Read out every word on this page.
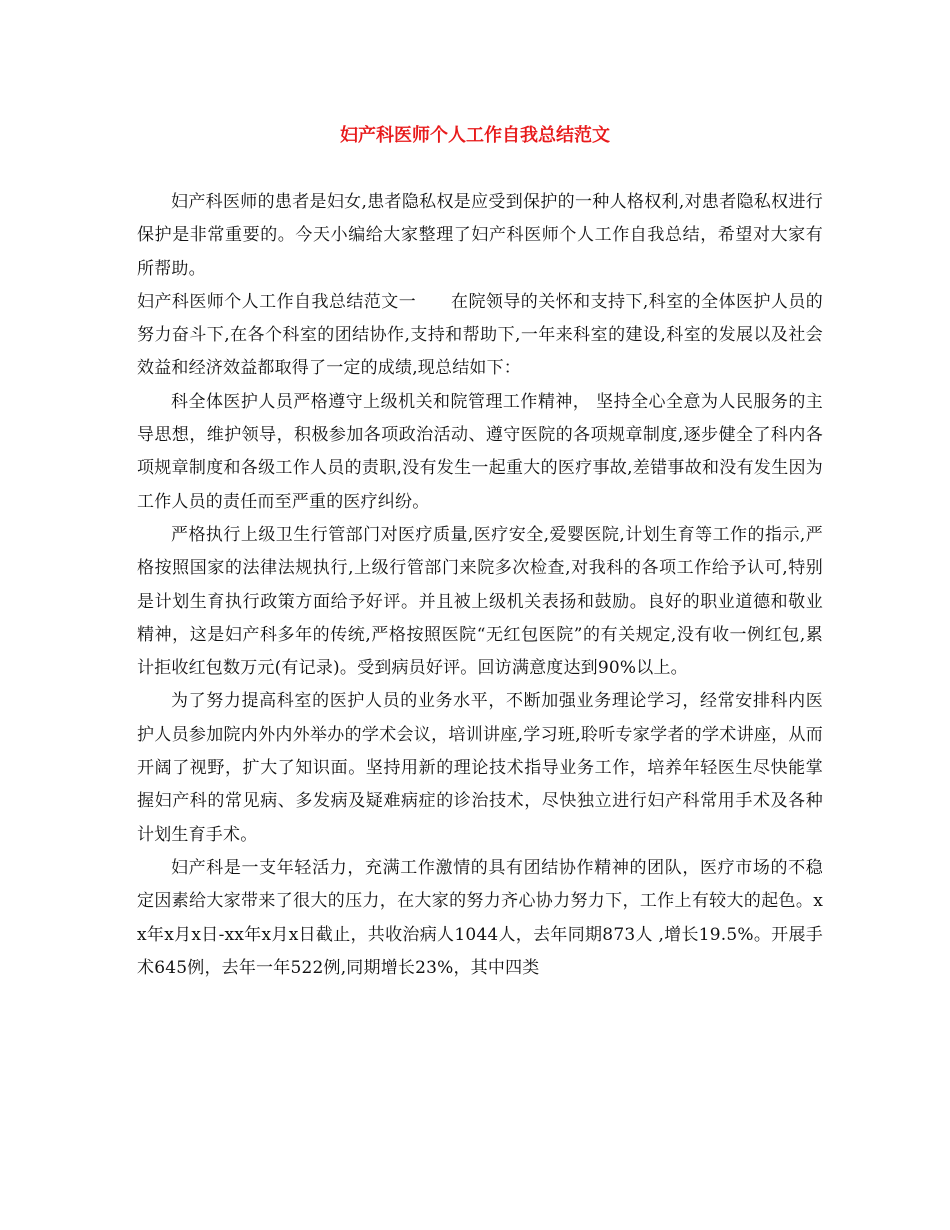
妇产科医师个人工作自我总结范文

妇产科医师的患者是妇女,患者隐私权是应受到保护的一种人格权利,对患者隐私权进行保护是非常重要的。今天小编给大家整理了妇产科医师个人工作自我总结，希望对大家有所帮助。

妇产科医师个人工作自我总结范文一　　在院领导的关怀和支持下,科室的全体医护人员的努力奋斗下,在各个科室的团结协作,支持和帮助下,一年来科室的建设,科室的发展以及社会效益和经济效益都取得了一定的成绩,现总结如下：

科全体医护人员严格遵守上级机关和院管理工作精神， 坚持全心全意为人民服务的主导思想，维护领导，积极参加各项政治活动、遵守医院的各项规章制度,逐步健全了科内各项规章制度和各级工作人员的责职,没有发生一起重大的医疗事故,差错事故和没有发生因为工作人员的责任而至严重的医疗纠纷。

严格执行上级卫生行管部门对医疗质量,医疗安全,爱婴医院,计划生育等工作的指示,严格按照国家的法律法规执行,上级行管部门来院多次检查,对我科的各项工作给予认可,特别是计划生育执行政策方面给予好评。并且被上级机关表扬和鼓励。良好的职业道德和敬业精神，这是妇产科多年的传统,严格按照医院“无红包医院”的有关规定,没有收一例红包,累计拒收红包数万元(有记录)。受到病员好评。回访满意度达到90%以上。

为了努力提高科室的医护人员的业务水平，不断加强业务理论学习，经常安排科内医护人员参加院内外内外举办的学术会议，培训讲座,学习班,聆听专家学者的学术讲座，从而开阔了视野，扩大了知识面。坚持用新的理论技术指导业务工作，培养年轻医生尽快能掌握妇产科的常见病、多发病及疑难病症的诊治技术，尽快独立进行妇产科常用手术及各种计划生育手术。

妇产科是一支年轻活力，充满工作激情的具有团结协作精神的团队，医疗市场的不稳定因素给大家带来了很大的压力，在大家的努力齐心协力努力下，工作上有较大的起色。xx年x月x日-xx年x月x日截止，共收治病人1044人，去年同期873人 ,增长19.5%。开展手术645例，去年一年522例,同期增长23%，其中四类
